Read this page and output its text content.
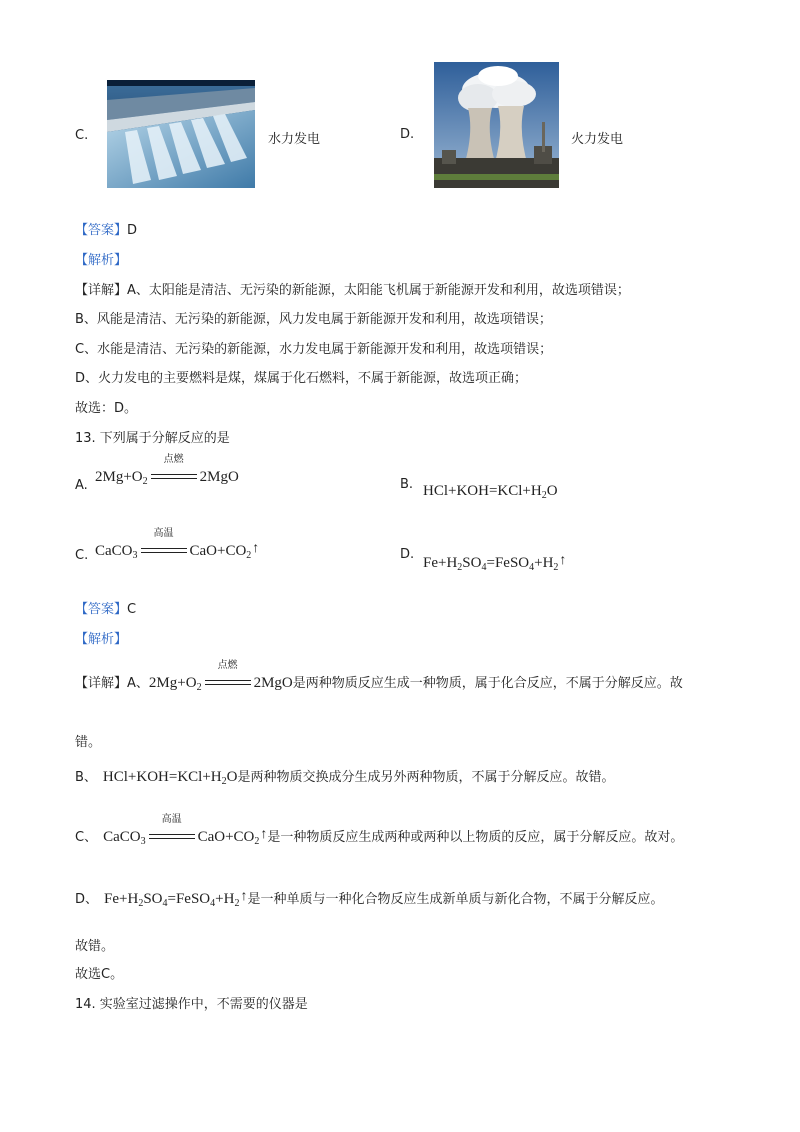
C.	水力发电	D.	火力发电
【答案】D
【解析】
【详解】A、太阳能是清洁、无污染的新能源，太阳能飞机属于新能源开发和利用，故选项错误；
B、风能是清洁、无污染的新能源，风力发电属于新能源开发和利用，故选项错误；
C、水能是清洁、无污染的新能源，水力发电属于新能源开发和利用，故选项错误；
D、火力发电的主要燃料是煤，煤属于化石燃料，不属于新能源，故选项正确；
故选：D。
13. 下列属于分解反应的是
A.
$2Mg+O_2$
点燃
2MgO	B. $HCl+KOH=KCl+H_2O$
C. CaCO$_3$
高温
$CaO+CO_2↑$	D.
$Fe+H_2SO_4=FeSO_4+H_2↑$
【答案】C
【解析】
【详解】A、$2Mg+O_2$
点燃
2MgO是两种物质反应生成一种物质，属于化合反应，不属于分解反应。故
错。
B、 $HCl+KOH=KCl+H_2O$是两种物质交换成分生成另外两种物质，不属于分解反应。故错。
C、 CaCO$_3$
高温
$CaO+CO_2↑$是一种物质反应生成两种或两种以上物质的反应，属于分解反应。故对。
D、 $Fe+H_2SO_4=FeSO_4+H_2↑$是一种单质与一种化合物反应生成新单质与新化合物，不属于分解反应。
故错。
故选C。
14. 实验室过滤操作中，不需要的仪器是
